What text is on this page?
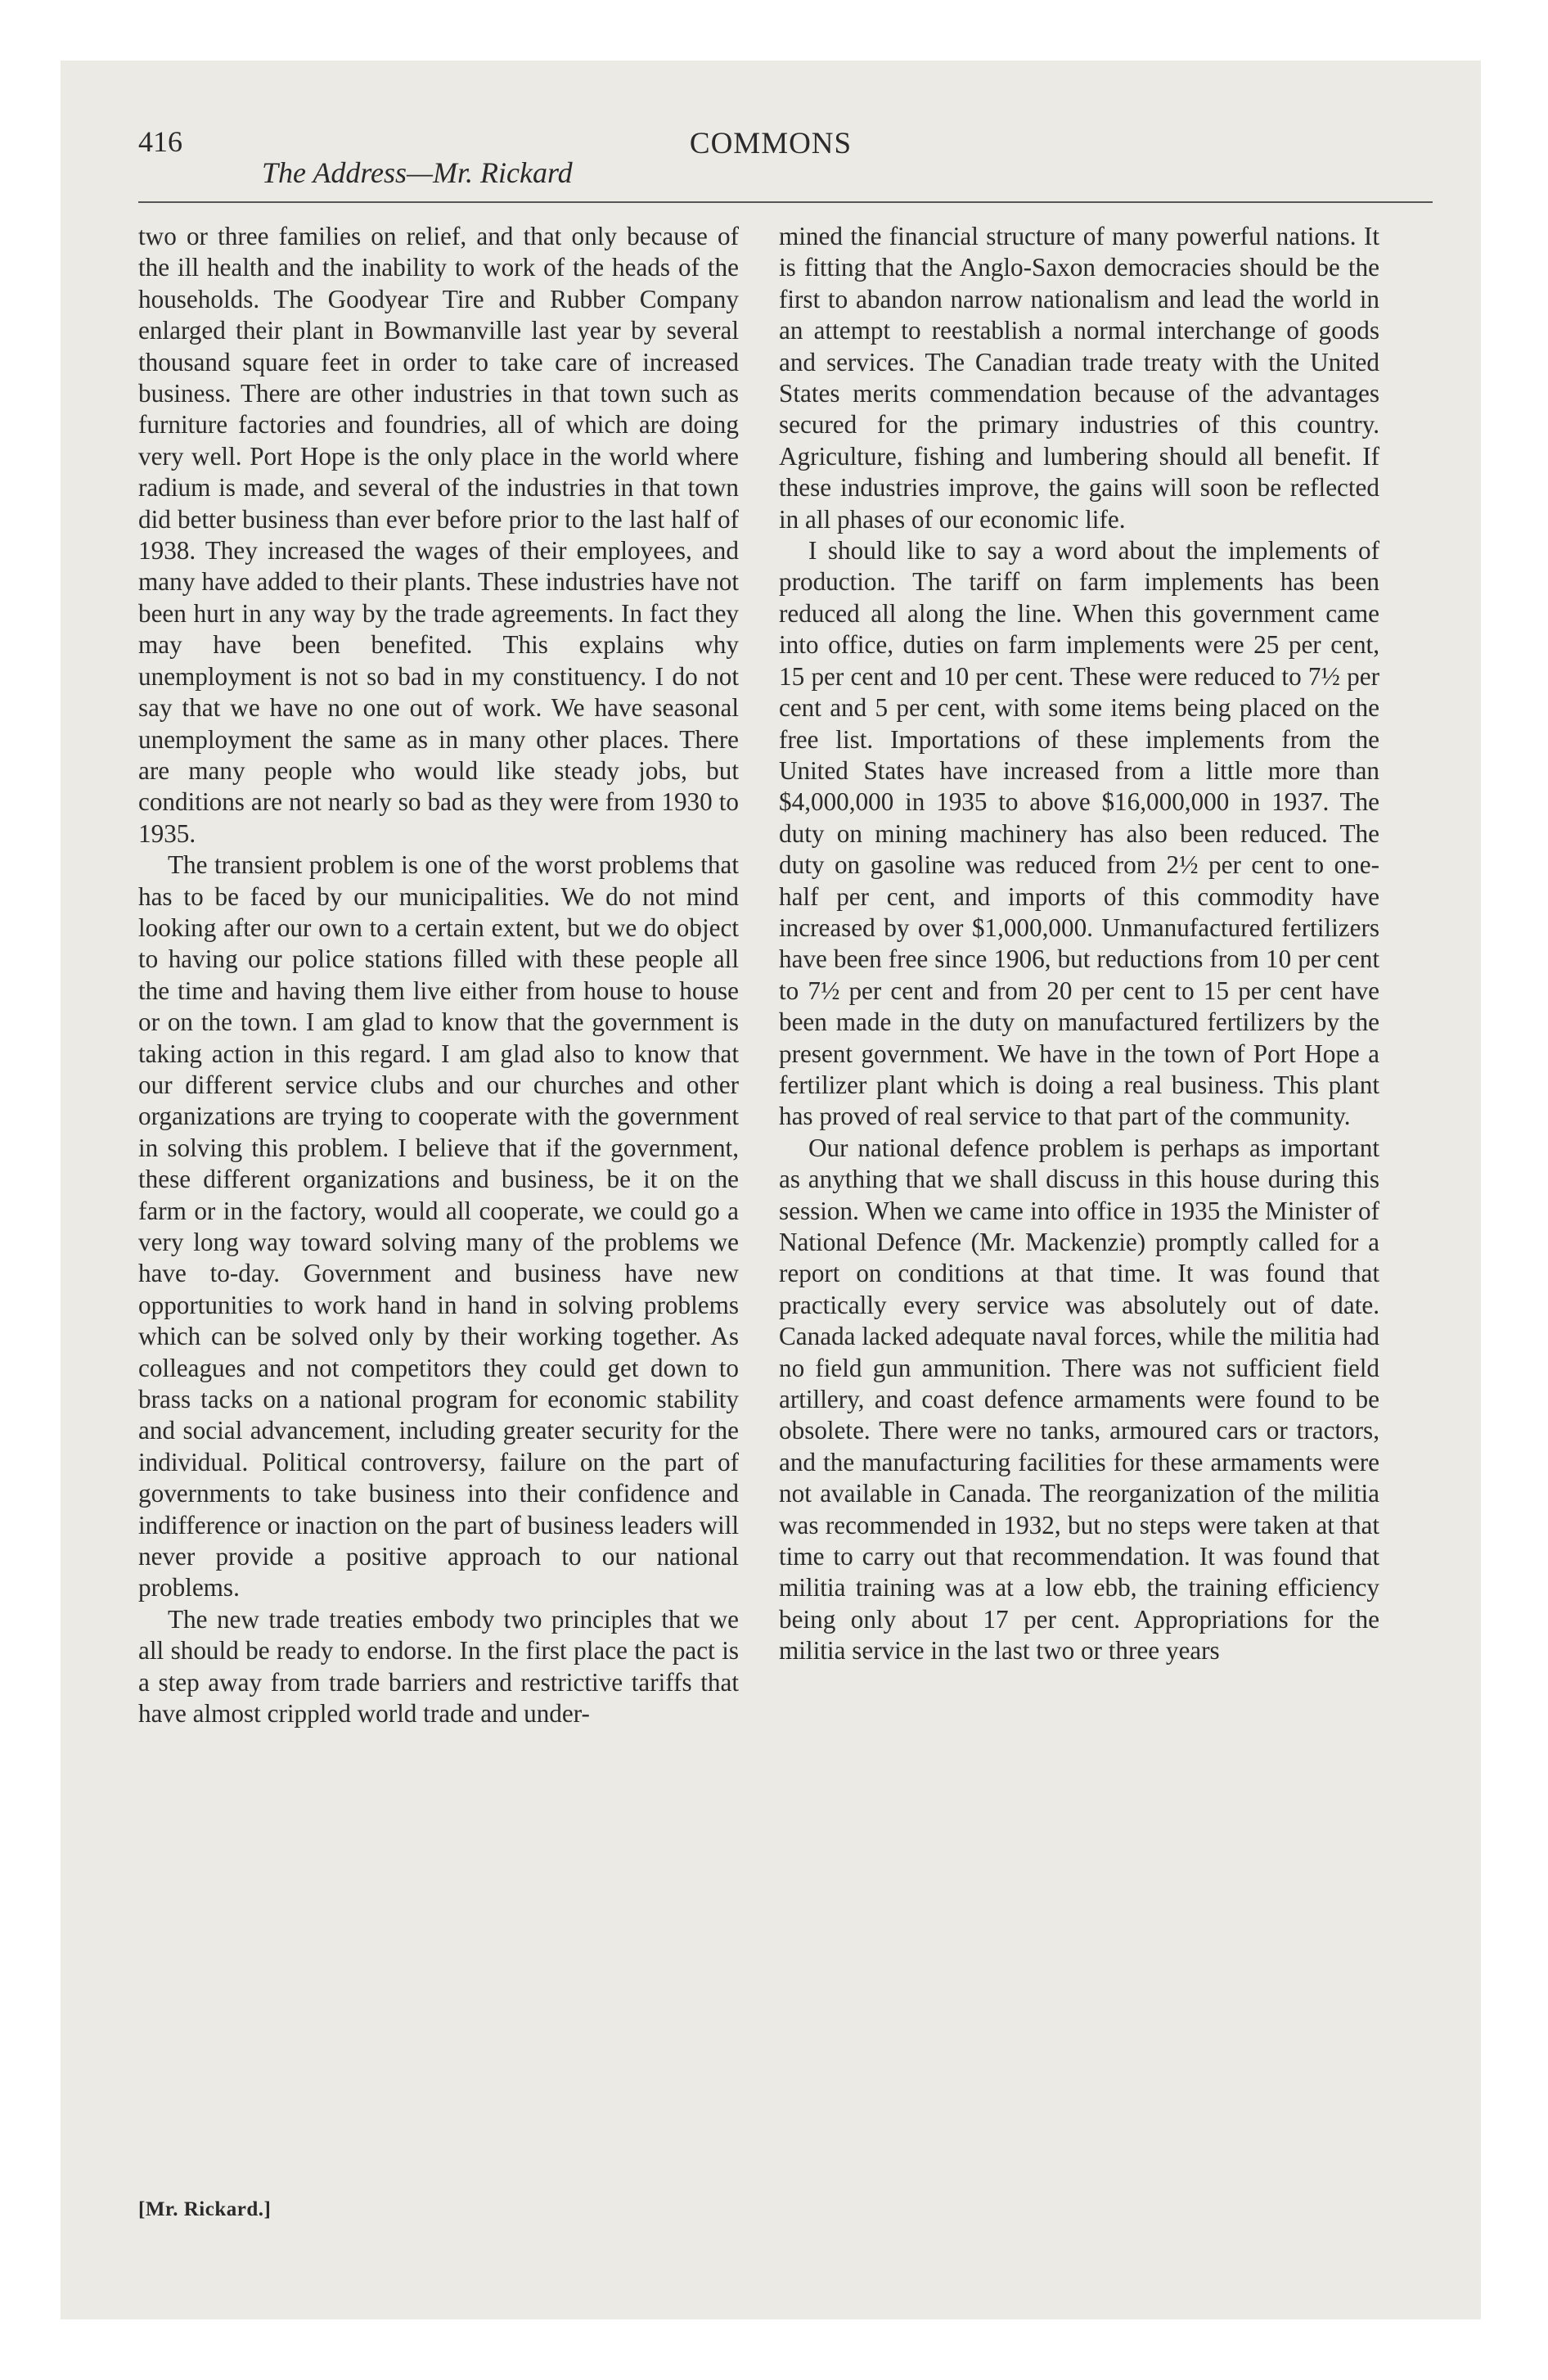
416	COMMONS
The Address—Mr. Rickard

two or three families on relief, and that only because of the ill health and the inability to work of the heads of the households. The Goodyear Tire and Rubber Company enlarged their plant in Bowmanville last year by several thousand square feet in order to take care of increased business. There are other industries in that town such as furniture factories and foundries, all of which are doing very well. Port Hope is the only place in the world where radium is made, and several of the industries in that town did better business than ever before prior to the last half of 1938. They increased the wages of their employees, and many have added to their plants. These industries have not been hurt in any way by the trade agreements. In fact they may have been benefited. This explains why unemployment is not so bad in my constituency. I do not say that we have no one out of work. We have seasonal unemployment the same as in many other places. There are many people who would like steady jobs, but conditions are not nearly so bad as they were from 1930 to 1935.

The transient problem is one of the worst problems that has to be faced by our municipalities. We do not mind looking after our own to a certain extent, but we do object to having our police stations filled with these people all the time and having them live either from house to house or on the town. I am glad to know that the government is taking action in this regard. I am glad also to know that our different service clubs and our churches and other organizations are trying to cooperate with the government in solving this problem. I believe that if the government, these different organizations and business, be it on the farm or in the factory, would all cooperate, we could go a very long way toward solving many of the problems we have to-day. Government and business have new opportunities to work hand in hand in solving problems which can be solved only by their working together. As colleagues and not competitors they could get down to brass tacks on a national program for economic stability and social advancement, including greater security for the individual. Political controversy, failure on the part of governments to take business into their confidence and indifference or inaction on the part of business leaders will never provide a positive approach to our national problems.

The new trade treaties embody two principles that we all should be ready to endorse. In the first place the pact is a step away from trade barriers and restrictive tariffs that have almost crippled world trade and under-

mined the financial structure of many powerful nations. It is fitting that the Anglo-Saxon democracies should be the first to abandon narrow nationalism and lead the world in an attempt to reestablish a normal interchange of goods and services. The Canadian trade treaty with the United States merits commendation because of the advantages secured for the primary industries of this country. Agriculture, fishing and lumbering should all benefit. If these industries improve, the gains will soon be reflected in all phases of our economic life.

I should like to say a word about the implements of production. The tariff on farm implements has been reduced all along the line. When this government came into office, duties on farm implements were 25 per cent, 15 per cent and 10 per cent. These were reduced to 7½ per cent and 5 per cent, with some items being placed on the free list. Importations of these implements from the United States have increased from a little more than $4,000,000 in 1935 to above $16,000,000 in 1937. The duty on mining machinery has also been reduced. The duty on gasoline was reduced from 2½ per cent to one-half per cent, and imports of this commodity have increased by over $1,000,000. Unmanufactured fertilizers have been free since 1906, but reductions from 10 per cent to 7½ per cent and from 20 per cent to 15 per cent have been made in the duty on manufactured fertilizers by the present government. We have in the town of Port Hope a fertilizer plant which is doing a real business. This plant has proved of real service to that part of the community.

Our national defence problem is perhaps as important as anything that we shall discuss in this house during this session. When we came into office in 1935 the Minister of National Defence (Mr. Mackenzie) promptly called for a report on conditions at that time. It was found that practically every service was absolutely out of date. Canada lacked adequate naval forces, while the militia had no field gun ammunition. There was not sufficient field artillery, and coast defence armaments were found to be obsolete. There were no tanks, armoured cars or tractors, and the manufacturing facilities for these armaments were not available in Canada. The reorganization of the militia was recommended in 1932, but no steps were taken at that time to carry out that recommendation. It was found that militia training was at a low ebb, the training efficiency being only about 17 per cent. Appropriations for the militia service in the last two or three years

[Mr. Rickard.]
